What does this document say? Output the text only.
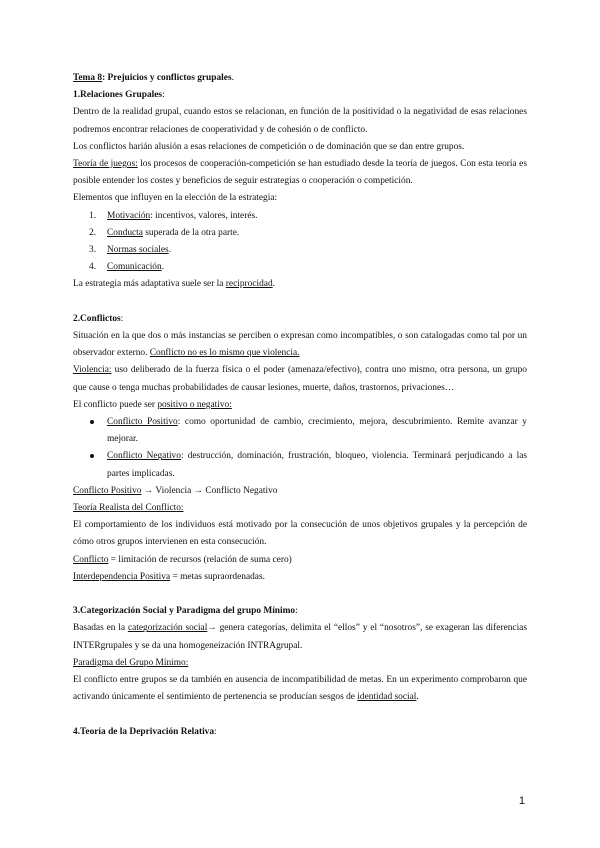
Tema 8: Prejuicios y conflictos grupales.

1.Relaciones Grupales:

Dentro de la realidad grupal, cuando estos se relacionan, en función de la positividad o la negatividad de esas relaciones podremos encontrar relaciones de cooperatividad y de cohesión o de conflicto.

Los conflictos harián alusión a esas relaciones de competición o de dominación que se dan entre grupos.

Teoría de juegos: los procesos de cooperación-competición se han estudiado desde la teoría de juegos. Con esta teoría es posible entender los costes y beneficios de seguir estrategias o cooperación o competición.

Elementos que influyen en la elección de la estrategia:

1. Motivación: incentivos, valores, interés.
2. Conducta superada de la otra parte.
3. Normas sociales.
4. Comunicación.

La estrategia más adaptativa suele ser la reciprocidad.

2.Conflictos:

Situación en la que dos o más instancias se perciben o expresan como incompatibles, o son catalogadas como tal por un observador externo. Conflicto no es lo mismo que violencia.

Violencia: uso deliberado de la fuerza física o el poder (amenaza/efectivo), contra uno mismo, otra persona, un grupo que cause o tenga muchas probabilidades de causar lesiones, muerte, daños, trastornos, privaciones…

El conflicto puede ser positivo o negativo:

Conflicto Positivo: como oportunidad de cambio, crecimiento, mejora, descubrimiento. Remite avanzar y mejorar.

Conflicto Negativo: destrucción, dominación, frustración, bloqueo, violencia. Terminará perjudicando a las partes implicadas.

Conflicto Positivo → Violencia → Conflicto Negativo

Teoría Realista del Conflicto:

El comportamiento de los individuos está motivado por la consecución de unos objetivos grupales y la percepción de cómo otros grupos intervienen en esta consecución.

Conflicto = limitación de recursos (relación de suma cero)

Interdependencia Positiva = metas supraordenadas.

3.Categorización Social y Paradigma del grupo Mínimo:

Basadas en la categorización social→ genera categorías, delimita el “ellos” y el “nosotros”, se exageran las diferencias INTERgrupales y se da una homogeneización INTRAgrupal.

Paradigma del Grupo Mínimo:

El conflicto entre grupos se da también en ausencia de incompatibilidad de metas. En un experimento comprobaron que activando únicamente el sentimiento de pertenencia se producían sesgos de identidad social.

4.Teoría de la Deprivación Relativa:

1
